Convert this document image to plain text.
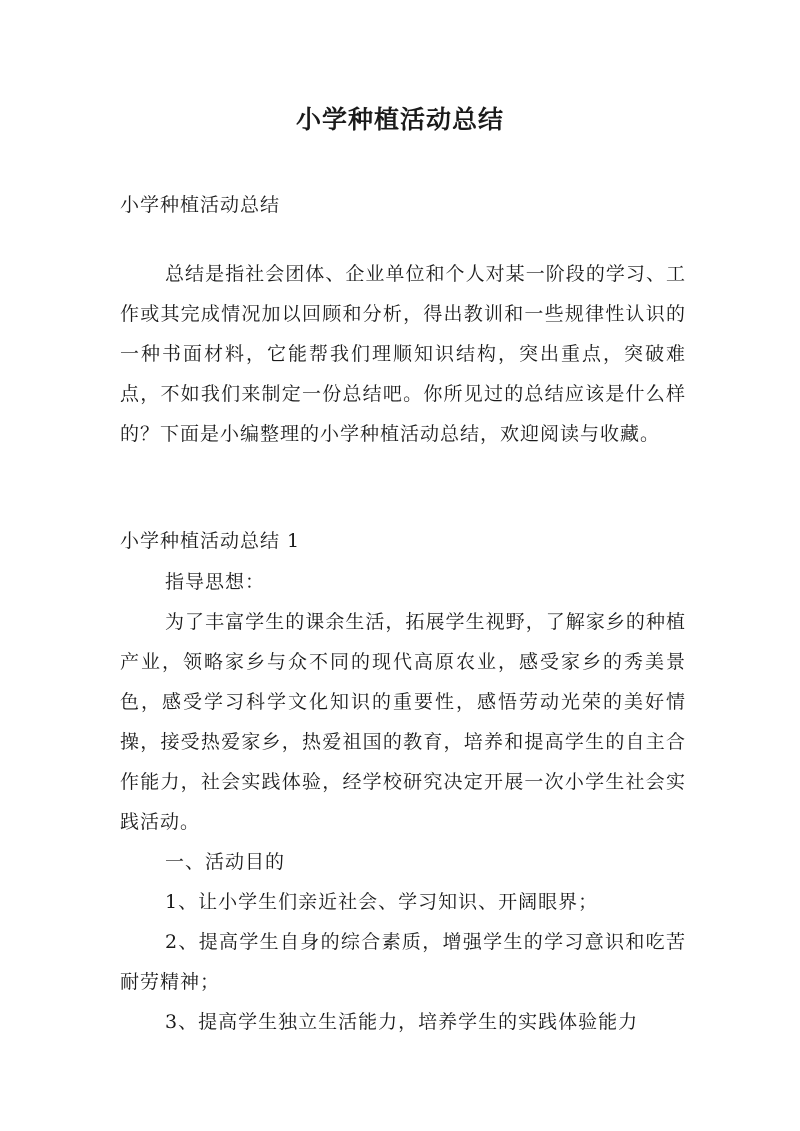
小学种植活动总结

小学种植活动总结

总结是指社会团体、企业单位和个人对某一阶段的学习、工作或其完成情况加以回顾和分析，得出教训和一些规律性认识的一种书面材料，它能帮我们理顺知识结构，突出重点，突破难点，不如我们来制定一份总结吧。你所见过的总结应该是什么样的？下面是小编整理的小学种植活动总结，欢迎阅读与收藏。

小学种植活动总结 1

指导思想：

为了丰富学生的课余生活，拓展学生视野，了解家乡的种植产业，领略家乡与众不同的现代高原农业，感受家乡的秀美景色，感受学习科学文化知识的重要性，感悟劳动光荣的美好情操，接受热爱家乡，热爱祖国的教育，培养和提高学生的自主合作能力，社会实践体验，经学校研究决定开展一次小学生社会实践活动。

一、活动目的

1、让小学生们亲近社会、学习知识、开阔眼界；

2、提高学生自身的综合素质，增强学生的学习意识和吃苦耐劳精神；

3、提高学生独立生活能力，培养学生的实践体验能力
